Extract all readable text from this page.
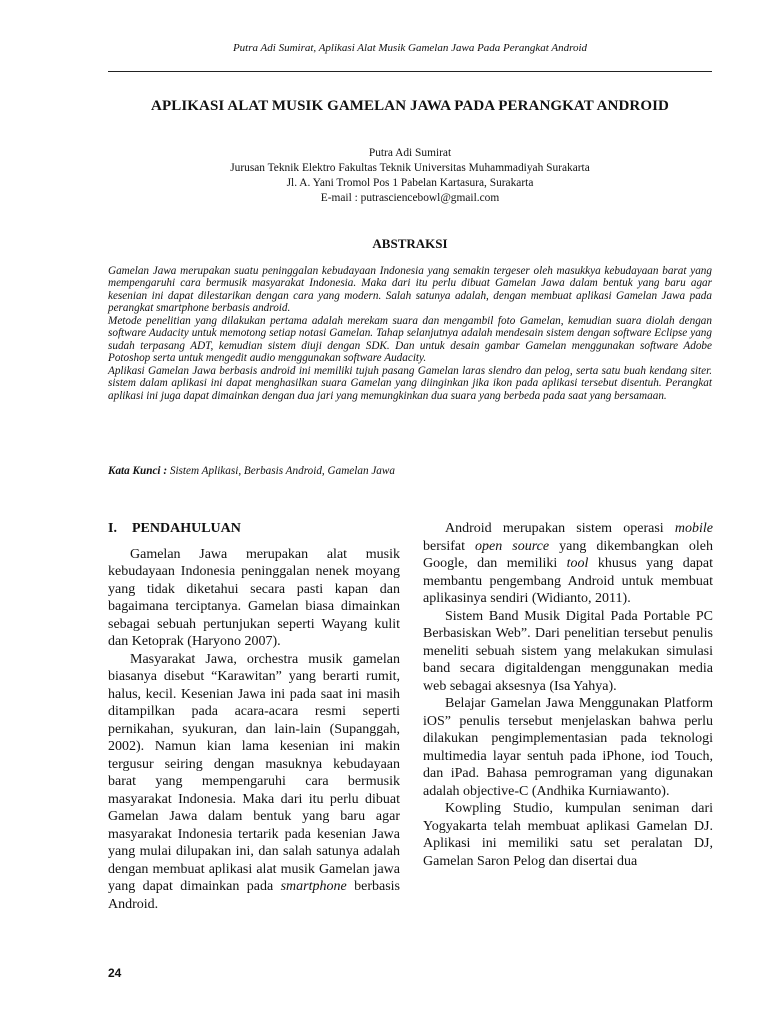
Putra Adi Sumirat, Aplikasi Alat Musik Gamelan Jawa Pada Perangkat Android
APLIKASI ALAT MUSIK GAMELAN JAWA PADA PERANGKAT ANDROID
Putra Adi Sumirat
Jurusan Teknik Elektro Fakultas Teknik Universitas Muhammadiyah Surakarta
Jl. A. Yani Tromol Pos 1 Pabelan Kartasura, Surakarta
E-mail : putrasciencebowl@gmail.com
ABSTRAKSI

Gamelan Jawa merupakan suatu peninggalan kebudayaan Indonesia yang semakin tergeser oleh masukkya kebudayaan barat yang mempengaruhi cara bermusik masyarakat Indonesia. Maka dari itu perlu dibuat Gamelan Jawa dalam bentuk yang baru agar kesenian ini dapat dilestarikan dengan cara yang modern. Salah satunya adalah, dengan membuat aplikasi Gamelan Jawa pada perangkat smartphone berbasis android.

Metode penelitian yang dilakukan pertama adalah merekam suara dan mengambil foto Gamelan, kemudian suara diolah dengan software Audacity untuk memotong setiap notasi Gamelan. Tahap selanjutnya adalah mendesain sistem dengan software Eclipse yang sudah terpasang ADT, kemudian sistem diuji dengan SDK. Dan untuk desain gambar Gamelan menggunakan software Adobe Potoshop serta untuk mengedit audio menggunakan software Audacity.

Aplikasi Gamelan Jawa berbasis android ini memiliki tujuh pasang Gamelan laras slendro dan pelog, serta satu buah kendang siter. sistem dalam aplikasi ini dapat menghasilkan suara Gamelan yang diinginkan jika ikon pada aplikasi tersebut disentuh. Perangkat aplikasi ini juga dapat dimainkan dengan dua jari yang memungkinkan dua suara yang berbeda pada saat yang bersamaan.

Kata Kunci : Sistem Aplikasi, Berbasis Android, Gamelan Jawa
I. PENDAHULUAN

Gamelan Jawa merupakan alat musik kebudayaan Indonesia peninggalan nenek moyang yang tidak diketahui secara pasti kapan dan bagaimana terciptanya. Gamelan biasa dimainkan sebagai sebuah pertunjukan seperti Wayang kulit dan Ketoprak (Haryono 2007).

Masyarakat Jawa, orchestra musik gamelan biasanya disebut “Karawitan” yang berarti rumit, halus, kecil. Kesenian Jawa ini pada saat ini masih ditampilkan pada acara-acara resmi seperti pernikahan, syukuran, dan lain-lain (Supanggah, 2002). Namun kian lama kesenian ini makin tergusur seiring dengan masuknya kebudayaan barat yang mempengaruhi cara bermusik masyarakat Indonesia. Maka dari itu perlu dibuat Gamelan Jawa dalam bentuk yang baru agar masyarakat Indonesia tertarik pada kesenian Jawa yang mulai dilupakan ini, dan salah satunya adalah dengan membuat aplikasi alat musik Gamelan jawa yang dapat dimainkan pada smartphone berbasis Android.

Android merupakan sistem operasi mobile bersifat open source yang dikembangkan oleh Google, dan memiliki tool khusus yang dapat membantu pengembang Android untuk membuat aplikasinya sendiri (Widianto, 2011).

Sistem Band Musik Digital Pada Portable PC Berbasiskan Web”. Dari penelitian tersebut penulis meneliti sebuah sistem yang melakukan simulasi band secara digitaldengan menggunakan media web sebagai aksesnya (Isa Yahya).

Belajar Gamelan Jawa Menggunakan Platform iOS” penulis tersebut menjelaskan bahwa perlu dilakukan pengimplementasian pada teknologi multimedia layar sentuh pada iPhone, iod Touch, dan iPad. Bahasa pemrograman yang digunakan adalah objective-C (Andhika Kurniawanto).

Kowpling Studio, kumpulan seniman dari Yogyakarta telah membuat aplikasi Gamelan DJ. Aplikasi ini memiliki satu set peralatan DJ, Gamelan Saron Pelog dan disertai dua

24
